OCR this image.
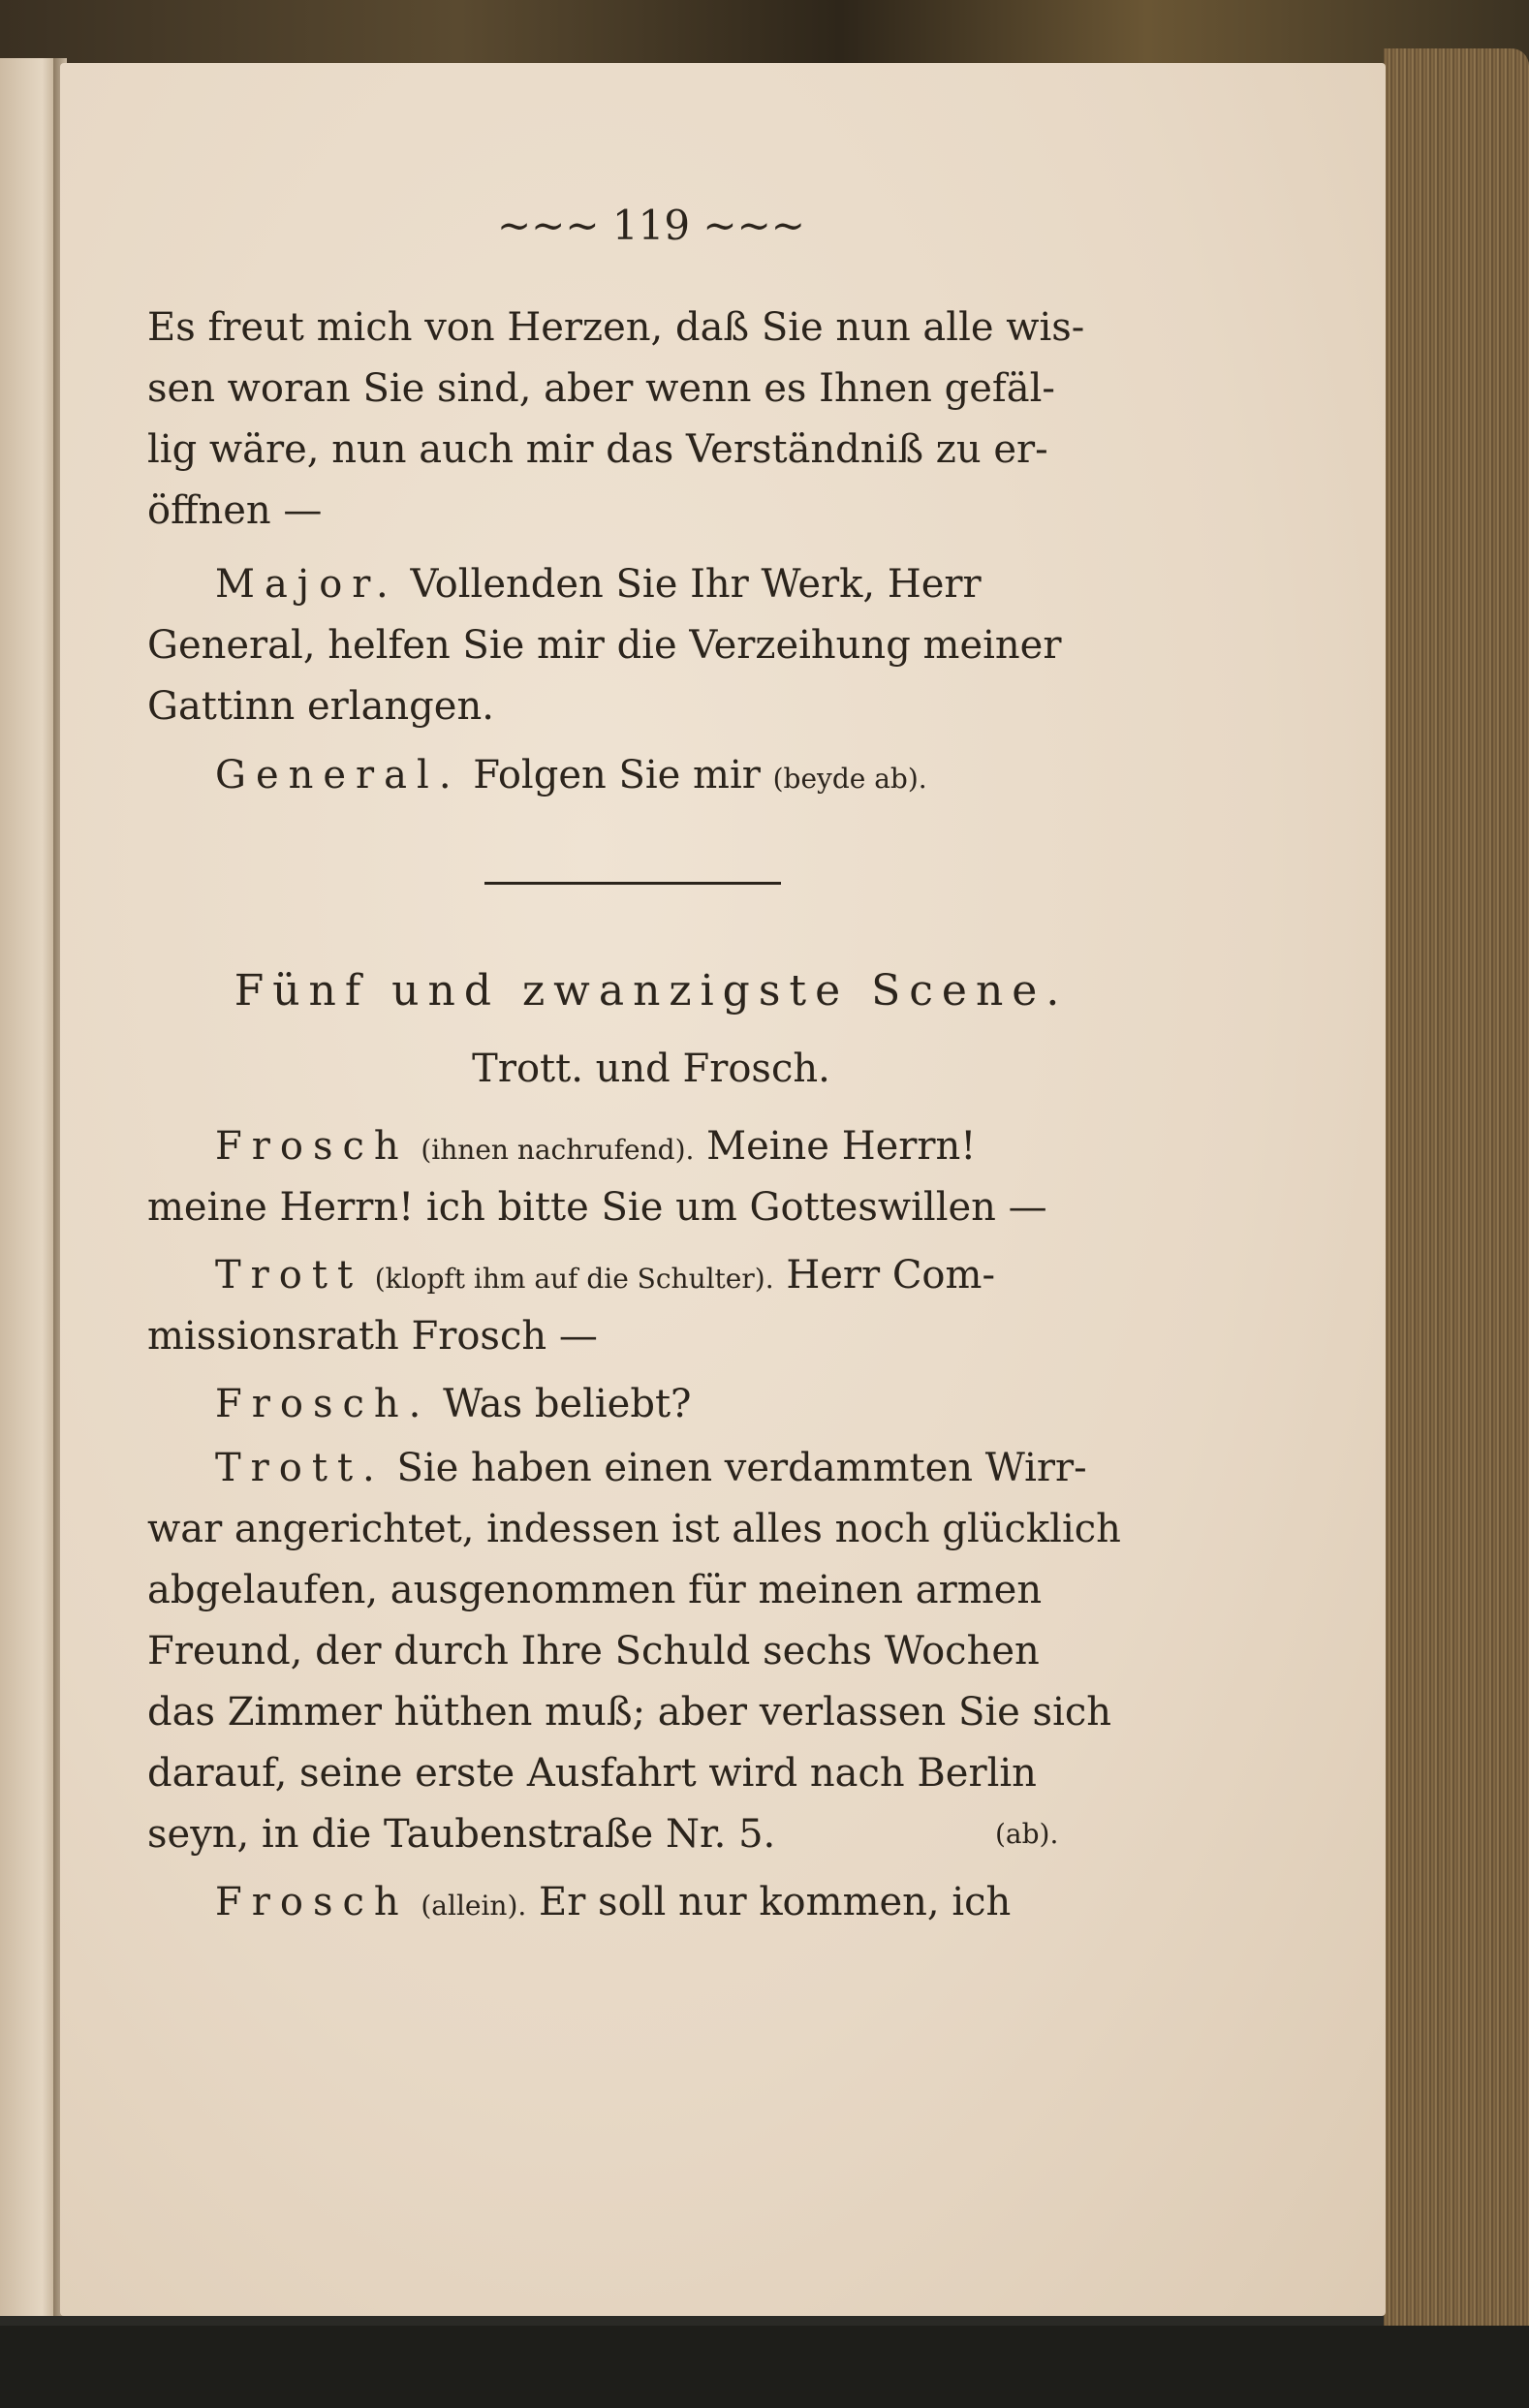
~~~ 119 ~~~
Es freut mich von Herzen, daß Sie nun alle wis-
sen woran Sie sind, aber wenn es Ihnen gefäl-
lig wäre, nun auch mir das Verständniß zu er-
öffnen —
Major. Vollenden Sie Ihr Werk, Herr
General, helfen Sie mir die Verzeihung meiner
Gattinn erlangen.
General. Folgen Sie mir (beyde ab).
Fünf und zwanzigste Scene.
Trott. und Frosch.
Frosch (ihnen nachrufend). Meine Herrn!
meine Herrn! ich bitte Sie um Gotteswillen —
Trott (klopft ihm auf die Schulter). Herr Com-
missionsrath Frosch —
Frosch. Was beliebt?
Trott. Sie haben einen verdammten Wirr-
war angerichtet, indessen ist alles noch glücklich
abgelaufen, ausgenommen für meinen armen
Freund, der durch Ihre Schuld sechs Wochen
das Zimmer hüthen muß; aber verlassen Sie sich
darauf, seine erste Ausfahrt wird nach Berlin
seyn, in die Taubenstraße Nr. 5.	(ab).
Frosch (allein). Er soll nur kommen, ich
